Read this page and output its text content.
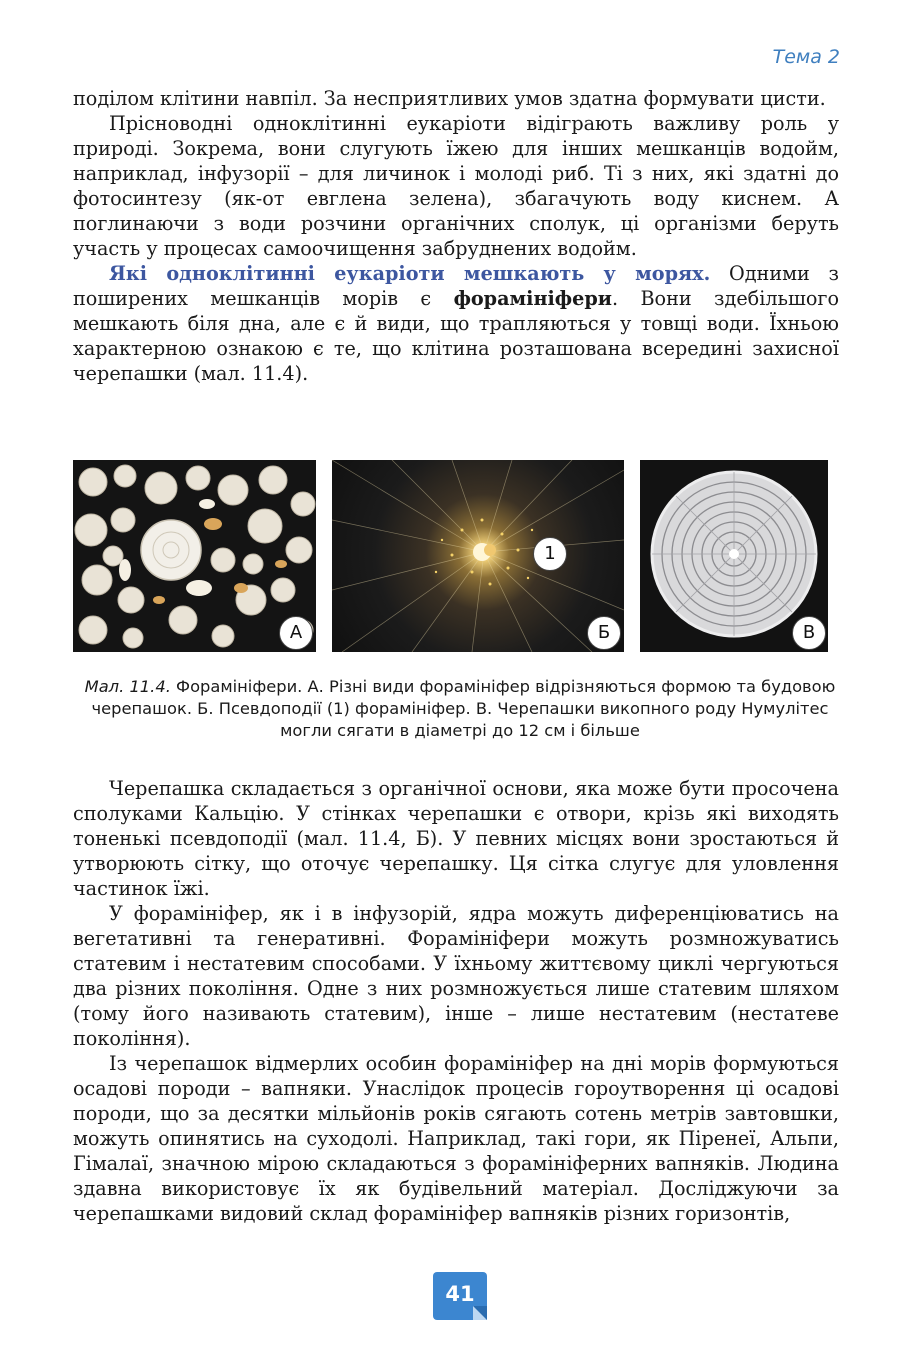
Тема 2

поділом клітини навпіл. За несприятливих умов здатна формувати цисти.

Прісноводні одноклітинні еукаріоти відіграють важливу роль у природі. Зокрема, вони слугують їжею для інших мешканців водойм, наприклад, інфузорії – для личинок і молоді риб. Ті з них, які здатні до фотосинтезу (як-от евглена зелена), збагачують воду киснем. А поглинаючи з води розчини органічних сполук, ці організми беруть участь у процесах самоочищення забруднених водойм.

Які одноклітинні еукаріоти мешкають у морях. Одними з поширених мешканців морів є форамініфери. Вони здебільшого мешкають біля дна, але є й види, що трапляються у товщі води. Їхньою характерною ознакою є те, що клітина розташована всередині захисної черепашки (мал. 11.4).

А
1
Б	В
Мал. 11.4. Форамініфери. А. Різні види форамініфер відрізняються формою та будовою черепашок. Б. Псевдоподії (1) форамініфер. В. Черепашки викопного роду Нумулітес могли сягати в діаметрі до 12 см і більше

Черепашка складається з органічної основи, яка може бути просочена сполуками Кальцію. У стінках черепашки є отвори, крізь які виходять тоненькі псевдоподії (мал. 11.4, Б). У певних місцях вони зростаються й утворюють сітку, що оточує черепашку. Ця сітка слугує для уловлення частинок їжі.

У форамініфер, як і в інфузорій, ядра можуть диференціюватись на вегетативні та генеративні. Форамініфери можуть розмножуватись статевим і нестатевим способами. У їхньому життєвому циклі чергуються два різних покоління. Одне з них розмножується лише статевим шляхом (тому його називають статевим), інше – лише нестатевим (нестатеве покоління).

Із черепашок відмерлих особин форамініфер на дні морів формуються осадові породи – вапняки. Унаслідок процесів гороутворення ці осадові породи, що за десятки мільйонів років сягають сотень метрів завтовшки, можуть опинятись на суходолі. Наприклад, такі гори, як Піренеї, Альпи, Гімалаї, значною мірою складаються з форамініферних вапняків. Людина здавна використовує їх як будівельний матеріал. Досліджуючи за черепашками видовий склад форамініфер вапняків різних горизонтів,

41
